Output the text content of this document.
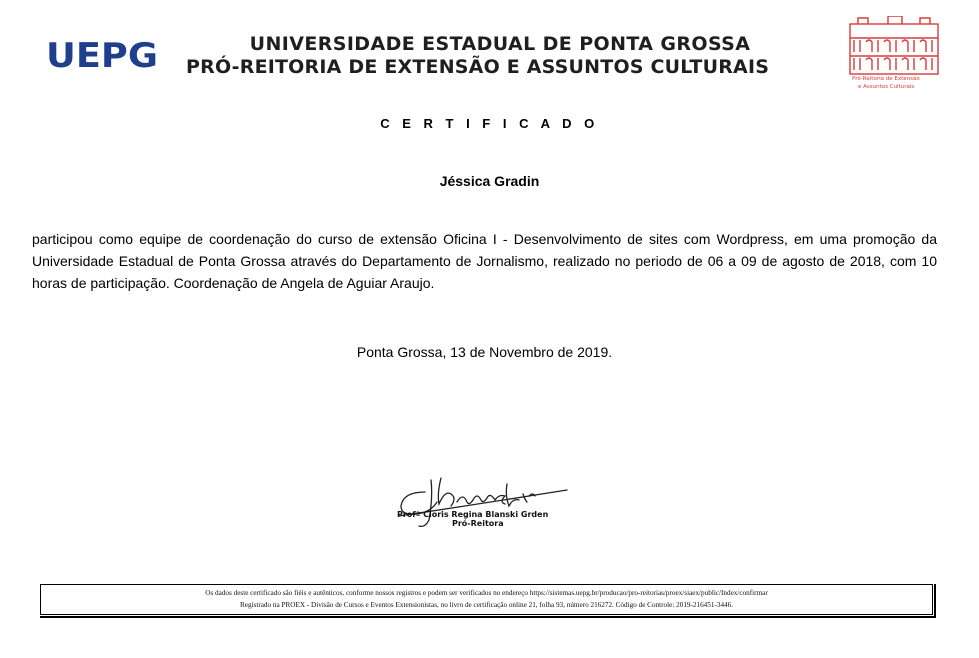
UEPG	UNIVERSIDADE ESTADUAL DE PONTA GROSSA
PRÓ-REITORIA DE EXTENSÃO E ASSUNTOS CULTURAIS
Pró-Reitoria de Extensão
e Assuntos Culturais
C E R T I F I C A D O
Jéssica Gradin
participou como equipe de coordenação do curso de extensão Oficina I - Desenvolvimento de sites com Wordpress, em uma promoção da Universidade Estadual de Ponta Grossa através do Departamento de Jornalismo, realizado no periodo de 06 a 09 de agosto de 2018, com 10 horas de participação. Coordenação de Angela de Aguiar Araujo.
Ponta Grossa, 13 de Novembro de 2019.
Profª Cloris Regina Blanski Grden
Pró-Reitora
Os dados deste certificado são fiéis e autênticos, conforme nossos registros e podem ser verificados no endereço https://sistemas.uepg.br/producao/pro-reitorias/proex/siaex/public/Index/confirmar
Registrado na PROEX - Divisão de Cursos e Eventos Extensionistas, no livro de certificação online 21, folha 93, número 216272. Código de Controle: 2019-216451-3446.
